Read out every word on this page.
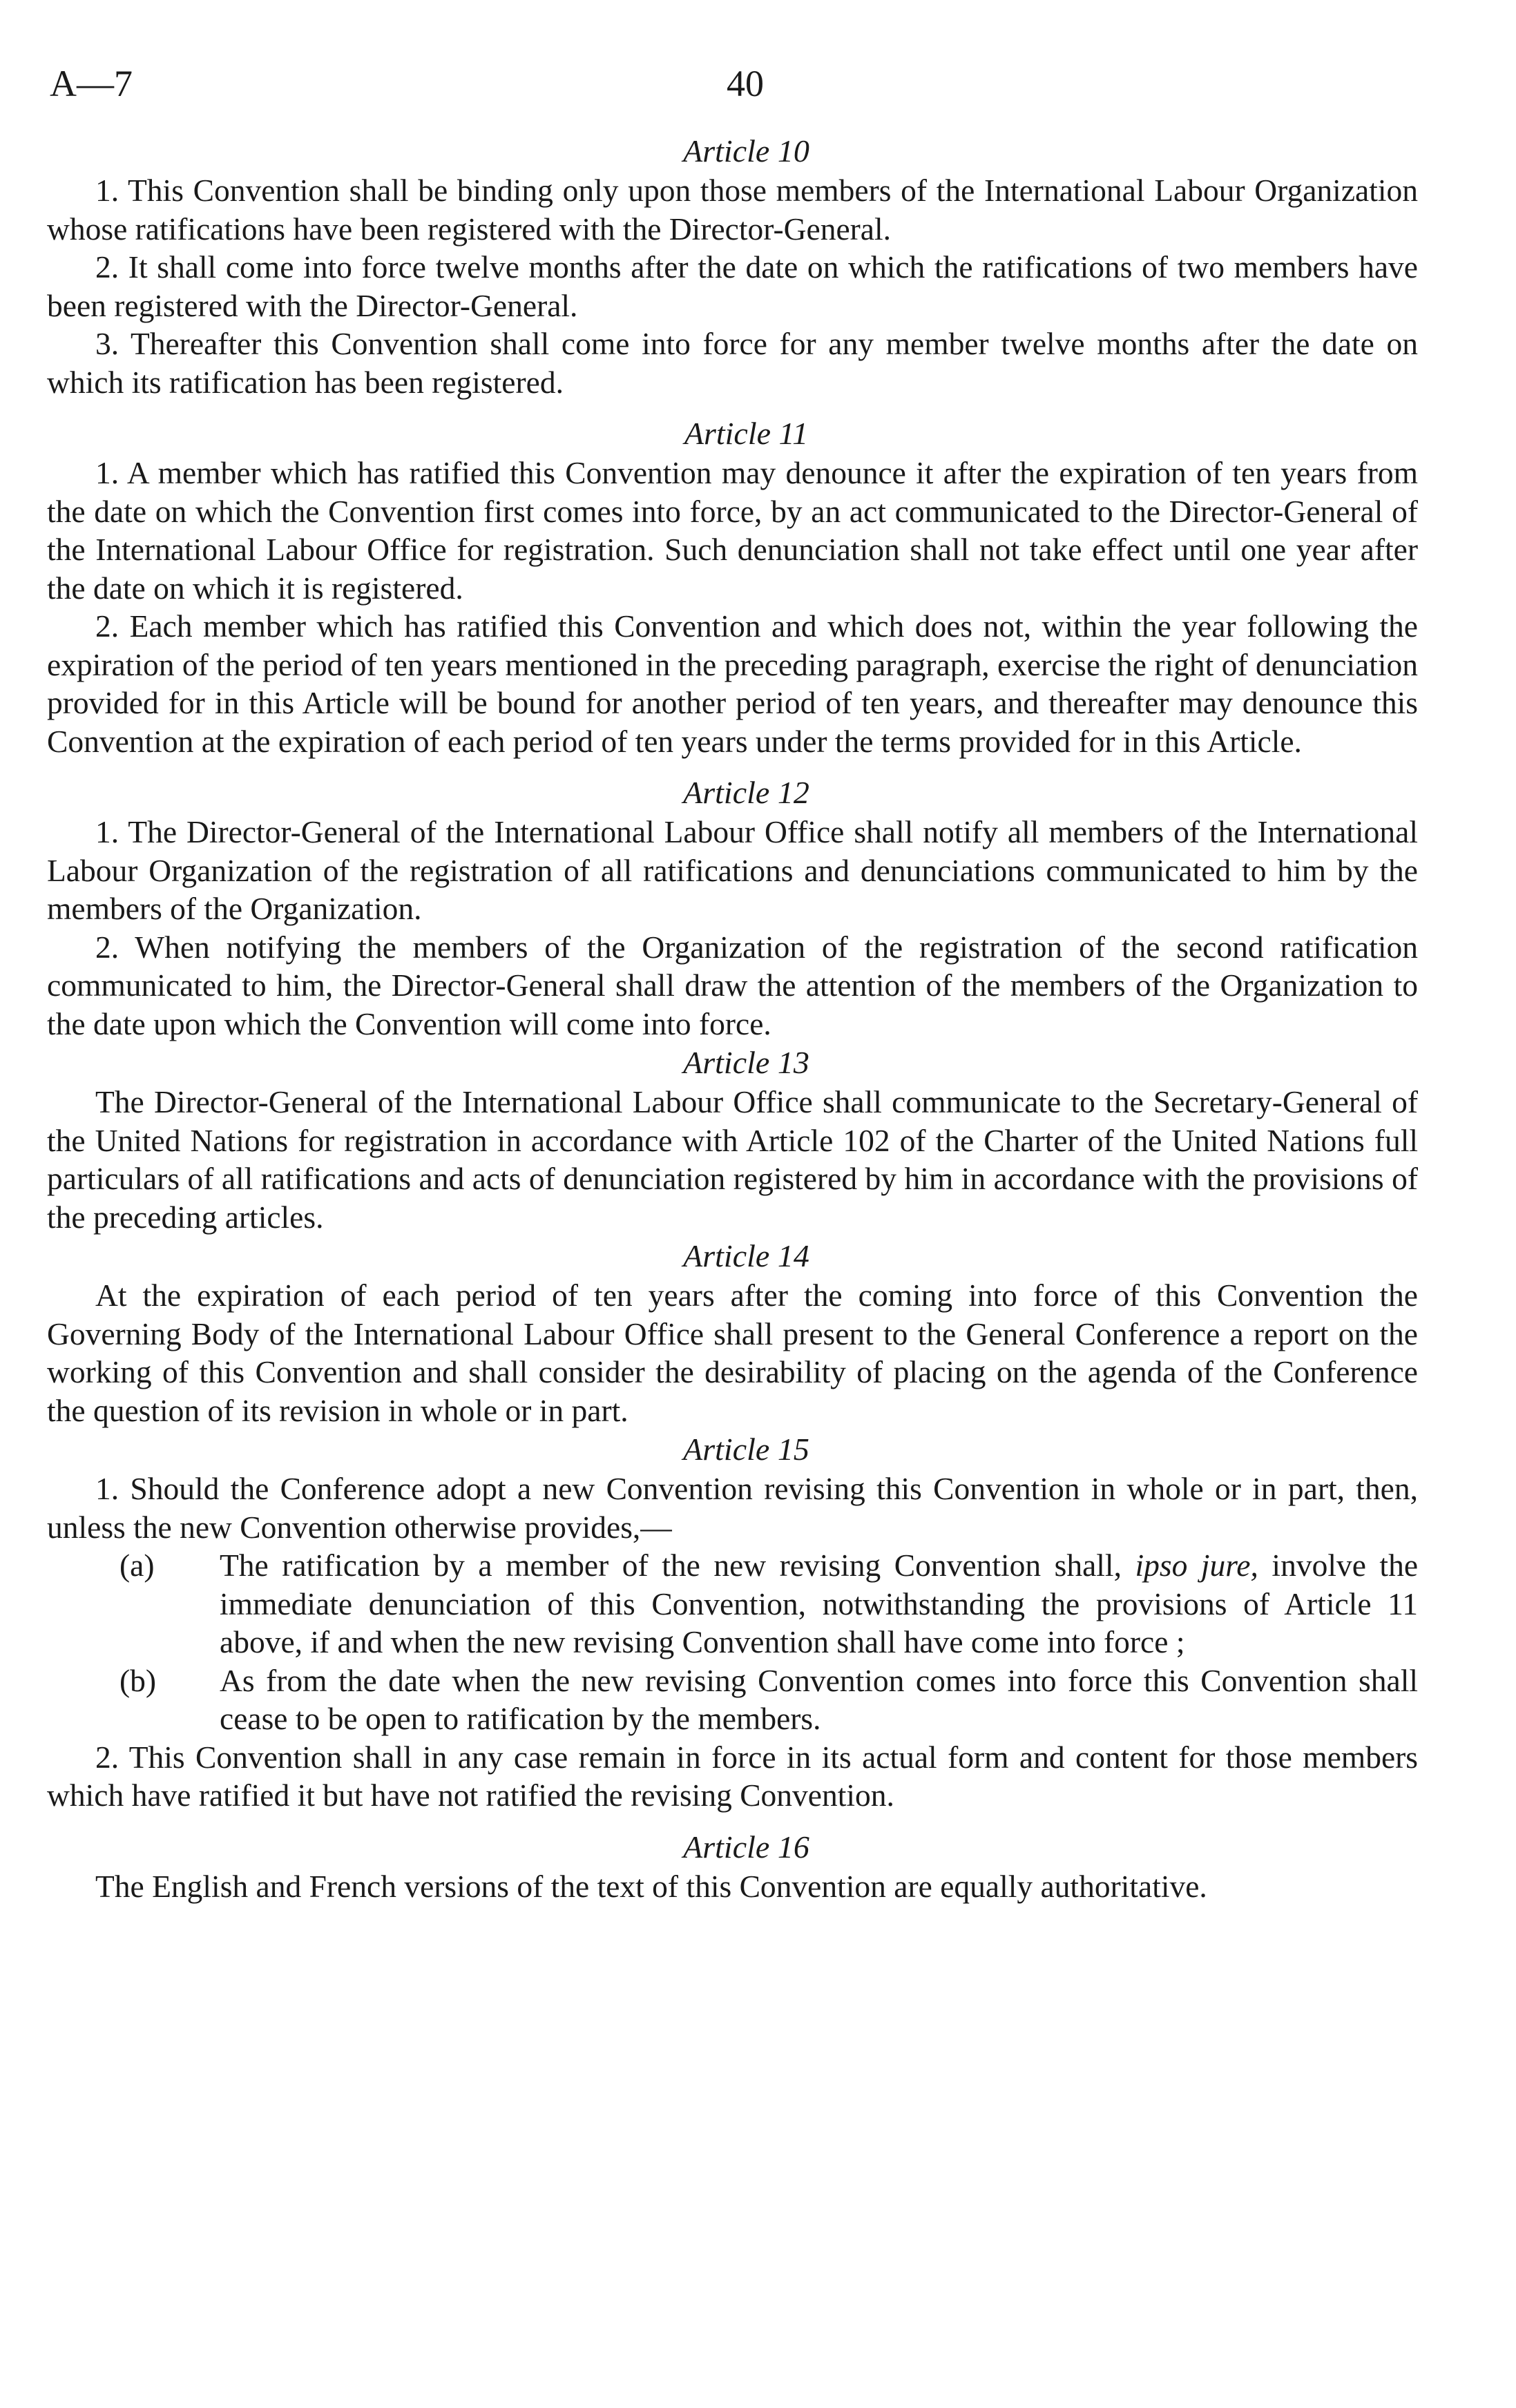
A—7	40

Article 10

1. This Convention shall be binding only upon those members of the International Labour Organization whose ratifications have been registered with the Director-General.

2. It shall come into force twelve months after the date on which the ratifications of two members have been registered with the Director-General.

3. Thereafter this Convention shall come into force for any member twelve months after the date on which its ratification has been registered.

Article 11

1. A member which has ratified this Convention may denounce it after the expiration of ten years from the date on which the Convention first comes into force, by an act communicated to the Director-General of the International Labour Office for registration. Such denunciation shall not take effect until one year after the date on which it is registered.

2. Each member which has ratified this Convention and which does not, within the year following the expiration of the period of ten years mentioned in the preceding paragraph, exercise the right of denunciation provided for in this Article will be bound for another period of ten years, and thereafter may denounce this Convention at the expiration of each period of ten years under the terms provided for in this Article.

Article 12

1. The Director-General of the International Labour Office shall notify all members of the International Labour Organization of the registration of all ratifications and denunciations communicated to him by the members of the Organization.

2. When notifying the members of the Organization of the registration of the second ratification communicated to him, the Director-General shall draw the attention of the members of the Organization to the date upon which the Convention will come into force.

Article 13

The Director-General of the International Labour Office shall communicate to the Secretary-General of the United Nations for registration in accordance with Article 102 of the Charter of the United Nations full particulars of all ratifications and acts of denunciation registered by him in accordance with the provisions of the preceding articles.

Article 14

At the expiration of each period of ten years after the coming into force of this Convention the Governing Body of the International Labour Office shall present to the General Conference a report on the working of this Convention and shall consider the desirability of placing on the agenda of the Conference the question of its revision in whole or in part.

Article 15

1. Should the Conference adopt a new Convention revising this Convention in whole or in part, then, unless the new Convention otherwise provides,—

(a) The ratification by a member of the new revising Convention shall, ipso jure, involve the immediate denunciation of this Convention, notwithstanding the provisions of Article 11 above, if and when the new revising Convention shall have come into force ;

(b) As from the date when the new revising Convention comes into force this Convention shall cease to be open to ratification by the members.

2. This Convention shall in any case remain in force in its actual form and content for those members which have ratified it but have not ratified the revising Convention.

Article 16

The English and French versions of the text of this Convention are equally authoritative.
